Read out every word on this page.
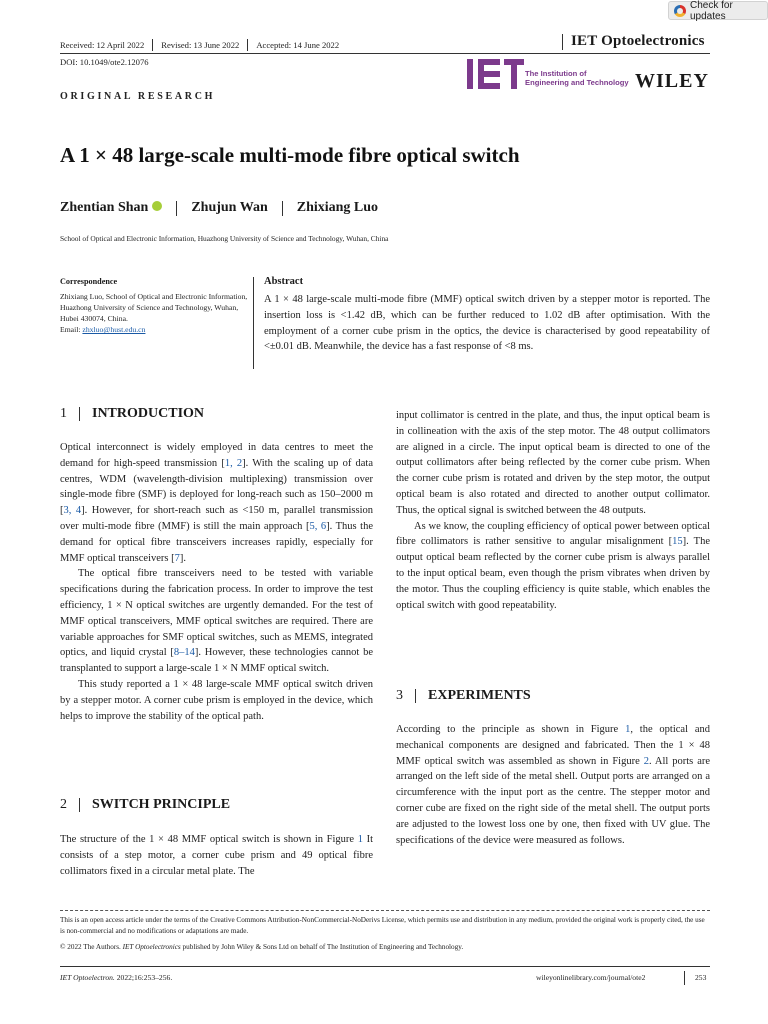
Check for updates
Received: 12 April 2022 Revised: 13 June 2022 Accepted: 14 June 2022	IET Optoelectronics
DOI: 10.1049/ote2.12076
The Institution of
Engineering and Technology WILEY
ORIGINAL RESEARCH
A 1 × 48 large-scale multi-mode fibre optical switch
Zhentian Shan	Zhujun Wan Zhixiang Luo
School of Optical and Electronic Information, Huazhong University of Science and Technology, Wuhan, China
Correspondence
Zhixiang Luo, School of Optical and Electronic Information, Huazhong University of Science and Technology, Wuhan, Hubei 430074, China.
Email: zhxluo@hust.edu.cn
Abstract
A 1 × 48 large-scale multi-mode fibre (MMF) optical switch driven by a stepper motor is reported. The insertion loss is <1.42 dB, which can be further reduced to 1.02 dB after optimisation. With the employment of a corner cube prism in the optics, the device is characterised by good repeatability of <±0.01 dB. Meanwhile, the device has a fast response of <8 ms.
1 INTRODUCTION

Optical interconnect is widely employed in data centres to meet the demand for high-speed transmission [1, 2]. With the scaling up of data centres, WDM (wavelength-division multiplexing) transmission over single-mode fibre (SMF) is deployed for long-reach such as 150–2000 m [3, 4]. However, for short-reach such as <150 m, parallel transmission over multi-mode fibre (MMF) is still the main approach [5, 6]. Thus the demand for optical fibre transceivers increases rapidly, especially for MMF optical transceivers [7].

The optical fibre transceivers need to be tested with variable specifications during the fabrication process. In order to improve the test efficiency, 1 × N optical switches are urgently demanded. For the test of MMF optical transceivers, MMF optical switches are required. There are variable approaches for SMF optical switches, such as MEMS, integrated optics, and liquid crystal [8–14]. However, these technologies cannot be transplanted to support a large-scale 1 × N MMF optical switch.

This study reported a 1 × 48 large-scale MMF optical switch driven by a stepper motor. A corner cube prism is employed in the device, which helps to improve the stability of the optical path.

2 SWITCH PRINCIPLE

The structure of the 1 × 48 MMF optical switch is shown in Figure 1 It consists of a step motor, a corner cube prism and 49 optical fibre collimators fixed in a circular metal plate. The

input collimator is centred in the plate, and thus, the input optical beam is in collineation with the axis of the step motor. The 48 output collimators are aligned in a circle. The input optical beam is directed to one of the output collimators after being reflected by the corner cube prism. When the corner cube prism is rotated and driven by the step motor, the output optical beam is also rotated and directed to another output collimator. Thus, the optical signal is switched between the 48 outputs.

As we know, the coupling efficiency of optical power between optical fibre collimators is rather sensitive to angular misalignment [15]. The output optical beam reflected by the corner cube prism is always parallel to the input optical beam, even though the prism vibrates when driven by the motor. Thus the coupling efficiency is quite stable, which enables the optical switch with good repeatability.

3 EXPERIMENTS

According to the principle as shown in Figure 1, the optical and mechanical components are designed and fabricated. Then the 1 × 48 MMF optical switch was assembled as shown in Figure 2. All ports are arranged on the left side of the metal shell. Output ports are arranged on a circumference with the input port as the centre. The stepper motor and corner cube are fixed on the right side of the metal shell. The output ports are adjusted to the lowest loss one by one, then fixed with UV glue. The specifications of the device were measured as follows.

This is an open access article under the terms of the Creative Commons Attribution-NonCommercial-NoDerivs License, which permits use and distribution in any medium, provided the original work is properly cited, the use is non-commercial and no modifications or adaptations are made.
© 2022 The Authors. IET Optoelectronics published by John Wiley & Sons Ltd on behalf of The Institution of Engineering and Technology.
IET Optoelectron. 2022;16:253–256.	wileyonlinelibrary.com/journal/ote2	253
